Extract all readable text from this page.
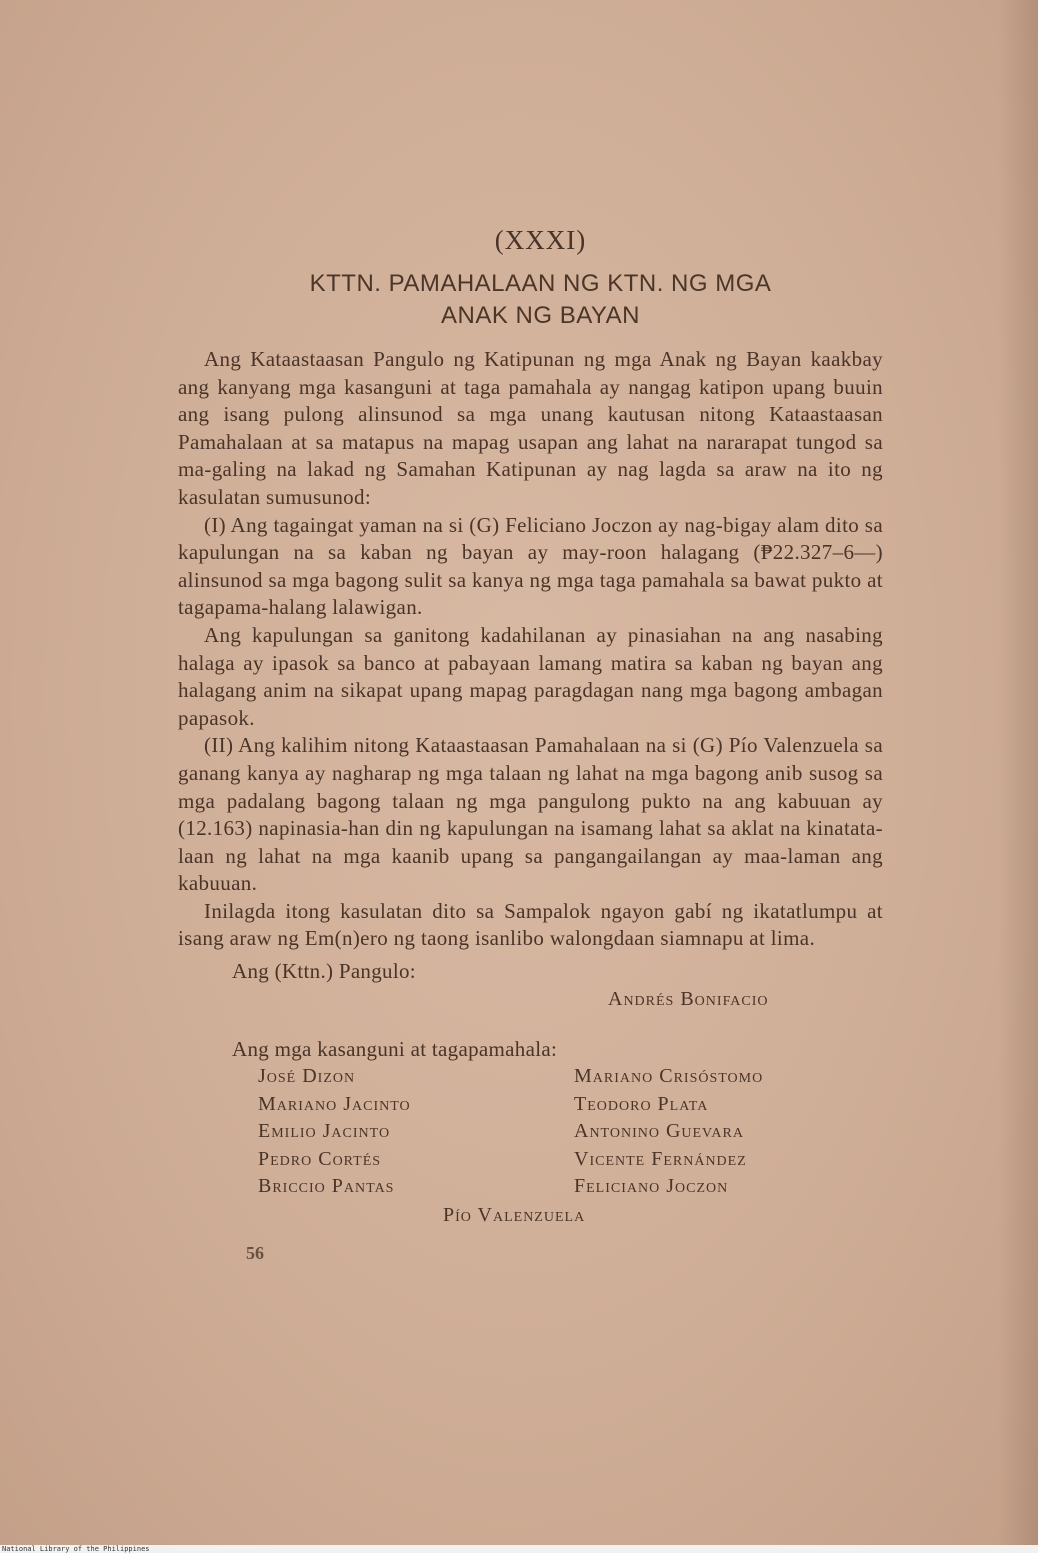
(XXXI)
KTTN. PAMAHALAAN NG KTN. NG MGA
ANAK NG BAYAN

Ang Kataastaasan Pangulo ng Katipunan ng mga Anak ng Bayan kaakbay ang kanyang mga kasanguni at taga pamahala ay nangag katipon upang buuin ang isang pulong alinsunod sa mga unang kautusan nitong Kataastaasan Pamahalaan at sa matapus na mapag usapan ang lahat na nararapat tungod sa ma-galing na lakad ng Samahan Katipunan ay nag lagda sa araw na ito ng kasulatan sumusunod:

(I) Ang tagaingat yaman na si (G) Feliciano Joczon ay nag-bigay alam dito sa kapulungan na sa kaban ng bayan ay may-roon halagang (₱22.327–6—) alinsunod sa mga bagong sulit sa kanya ng mga taga pamahala sa bawat pukto at tagapama-halang lalawigan.

Ang kapulungan sa ganitong kadahilanan ay pinasiahan na ang nasabing halaga ay ipasok sa banco at pabayaan lamang matira sa kaban ng bayan ang halagang anim na sikapat upang mapag paragdagan nang mga bagong ambagan papasok.

(II) Ang kalihim nitong Kataastaasan Pamahalaan na si (G) Pío Valenzuela sa ganang kanya ay nagharap ng mga talaan ng lahat na mga bagong anib susog sa mga padalang bagong talaan ng mga pangulong pukto na ang kabuuan ay (12.163) napinasia-han din ng kapulungan na isamang lahat sa aklat na kinatata-laan ng lahat na mga kaanib upang sa pangangailangan ay maa-laman ang kabuuan.

Inilagda itong kasulatan dito sa Sampalok ngayon gabí ng ikatatlumpu at isang araw ng Em(n)ero ng taong isanlibo walongdaan siamnapu at lima.

Ang (Kttn.) Pangulo:
Andrés Bonifacio
Ang mga kasanguni at tagapamahala:
José Dizon	Mariano Crisóstomo
Mariano Jacinto	Teodoro Plata
Emilio Jacinto	Antonino Guevara
Pedro Cortés	Vicente Fernández
Briccio Pantas	Feliciano Joczon
Pío Valenzuela
56
National Library of the Philippines
